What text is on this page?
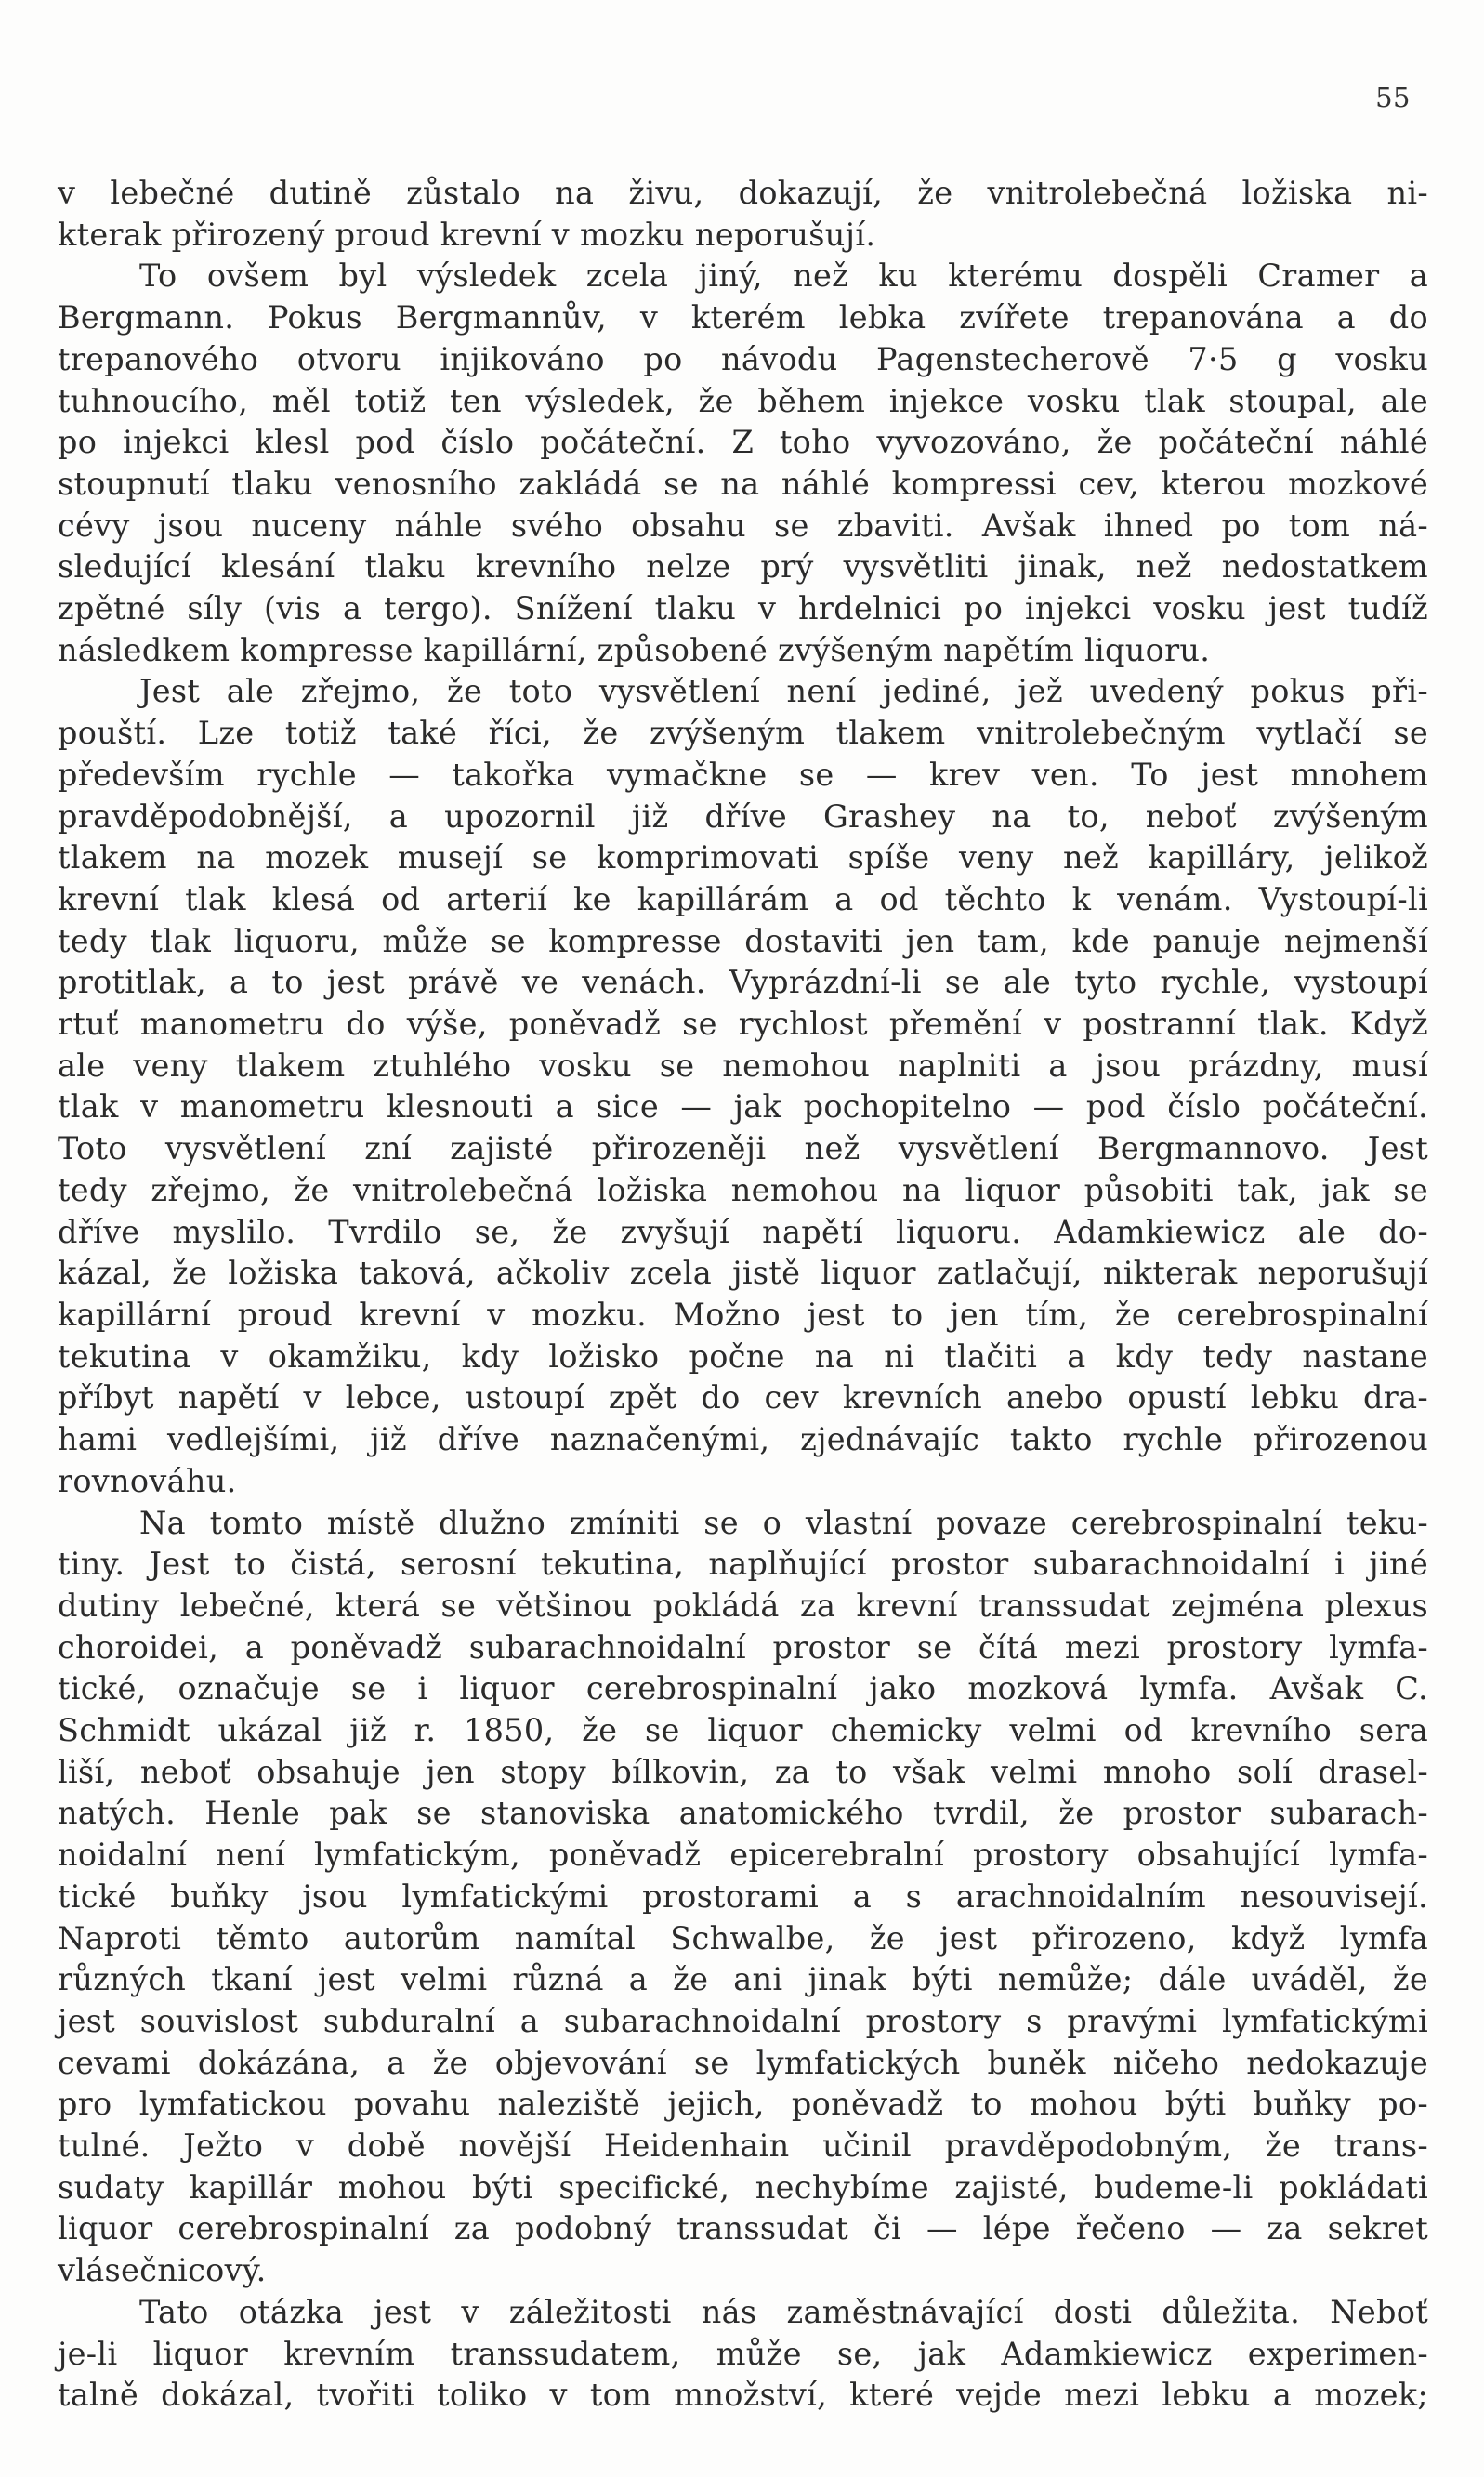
55
v lebečné dutině zůstalo na živu, dokazují, že vnitrolebečná ložiska ni-
kterak přirozený proud krevní v mozku neporušují.
To ovšem byl výsledek zcela jiný, než ku kterému dospěli Cramer a
Bergmann. Pokus Bergmannův, v kterém lebka zvířete trepanována a do
trepanového otvoru injikováno po návodu Pagenstecherově 7·5 g vosku
tuhnoucího, měl totiž ten výsledek, že během injekce vosku tlak stoupal, ale
po injekci klesl pod číslo počáteční. Z toho vyvozováno, že počáteční náhlé
stoupnutí tlaku venosního zakládá se na náhlé kompressi cev, kterou mozkové
cévy jsou nuceny náhle svého obsahu se zbaviti. Avšak ihned po tom ná-
sledující klesání tlaku krevního nelze prý vysvětliti jinak, než nedostatkem
zpětné síly (vis a tergo). Snížení tlaku v hrdelnici po injekci vosku jest tudíž
následkem kompresse kapillární, způsobené zvýšeným napětím liquoru.
Jest ale zřejmo, že toto vysvětlení není jediné, jež uvedený pokus při-
pouští. Lze totiž také říci, že zvýšeným tlakem vnitrolebečným vytlačí se
především rychle — takořka vymačkne se — krev ven. To jest mnohem
pravděpodobnější, a upozornil již dříve Grashey na to, neboť zvýšeným
tlakem na mozek musejí se komprimovati spíše veny než kapilláry, jelikož
krevní tlak klesá od arterií ke kapillárám a od těchto k venám. Vystoupí-li
tedy tlak liquoru, může se kompresse dostaviti jen tam, kde panuje nejmenší
protitlak, a to jest právě ve venách. Vyprázdní-li se ale tyto rychle, vystoupí
rtuť manometru do výše, poněvadž se rychlost přemění v postranní tlak. Když
ale veny tlakem ztuhlého vosku se nemohou naplniti a jsou prázdny, musí
tlak v manometru klesnouti a sice — jak pochopitelno — pod číslo počáteční.
Toto vysvětlení zní zajisté přirozeněji než vysvětlení Bergmannovo. Jest
tedy zřejmo, že vnitrolebečná ložiska nemohou na liquor působiti tak, jak se
dříve myslilo. Tvrdilo se, že zvyšují napětí liquoru. Adamkiewicz ale do-
kázal, že ložiska taková, ačkoliv zcela jistě liquor zatlačují, nikterak neporušují
kapillární proud krevní v mozku. Možno jest to jen tím, že cerebrospinalní
tekutina v okamžiku, kdy ložisko počne na ni tlačiti a kdy tedy nastane
příbyt napětí v lebce, ustoupí zpět do cev krevních anebo opustí lebku dra-
hami vedlejšími, již dříve naznačenými, zjednávajíc takto rychle přirozenou
rovnováhu.
Na tomto místě dlužno zmíniti se o vlastní povaze cerebrospinalní teku-
tiny. Jest to čistá, serosní tekutina, naplňující prostor subarachnoidalní i jiné
dutiny lebečné, která se většinou pokládá za krevní transsudat zejména plexus
choroidei, a poněvadž subarachnoidalní prostor se čítá mezi prostory lymfa-
tické, označuje se i liquor cerebrospinalní jako mozková lymfa. Avšak C.
Schmidt ukázal již r. 1850, že se liquor chemicky velmi od krevního sera
liší, neboť obsahuje jen stopy bílkovin, za to však velmi mnoho solí drasel-
natých. Henle pak se stanoviska anatomického tvrdil, že prostor subarach-
noidalní není lymfatickým, poněvadž epicerebralní prostory obsahující lymfa-
tické buňky jsou lymfatickými prostorami a s arachnoidalním nesouvisejí.
Naproti těmto autorům namítal Schwalbe, že jest přirozeno, když lymfa
různých tkaní jest velmi různá a že ani jinak býti nemůže; dále uváděl, že
jest souvislost subduralní a subarachnoidalní prostory s pravými lymfatickými
cevami dokázána, a že objevování se lymfatických buněk ničeho nedokazuje
pro lymfatickou povahu naleziště jejich, poněvadž to mohou býti buňky po-
tulné. Ježto v době novější Heidenhain učinil pravděpodobným, že trans-
sudaty kapillár mohou býti specifické, nechybíme zajisté, budeme-li pokládati
liquor cerebrospinalní za podobný transsudat či — lépe řečeno — za sekret
vlásečnicový.
Tato otázka jest v záležitosti nás zaměstnávající dosti důležita. Neboť
je-li liquor krevním transsudatem, může se, jak Adamkiewicz experimen-
talně dokázal, tvořiti toliko v tom množství, které vejde mezi lebku a mozek;
